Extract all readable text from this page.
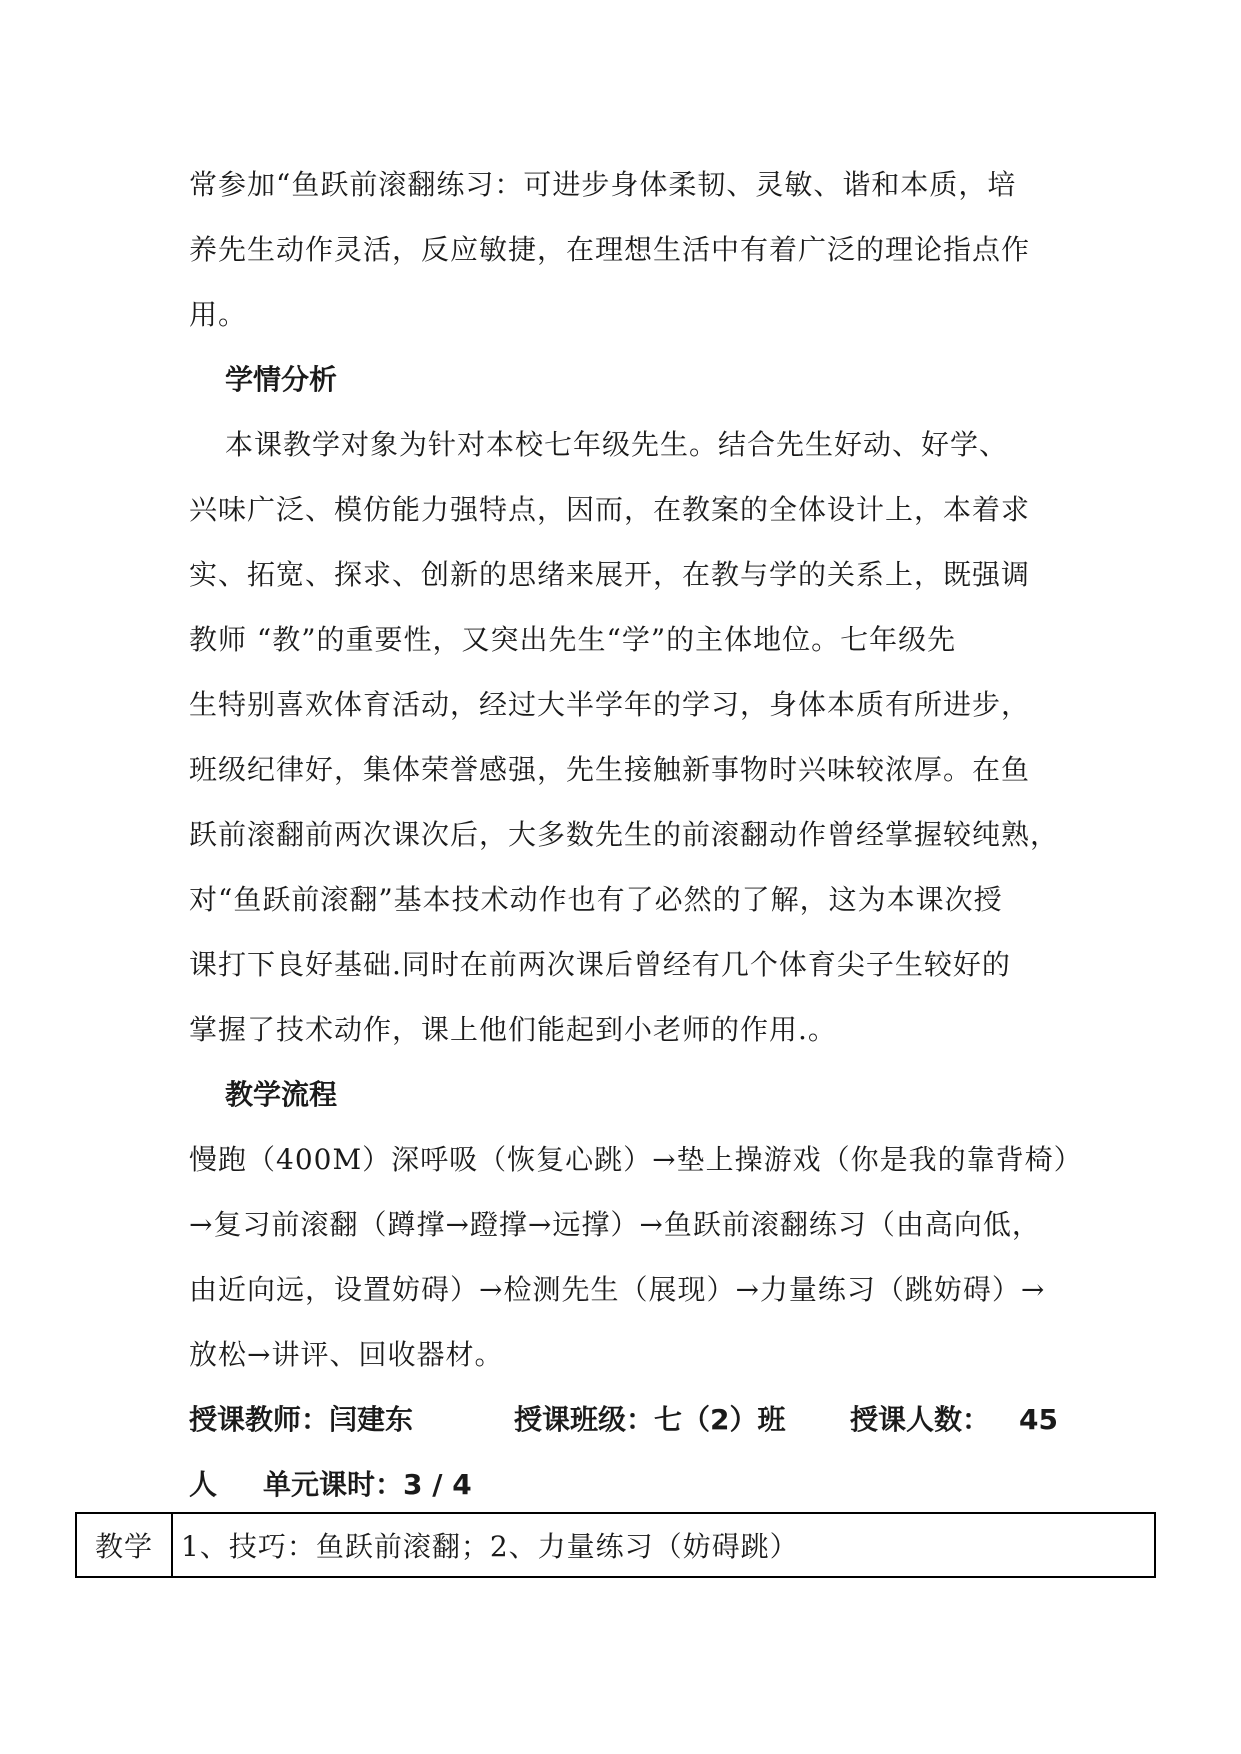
常参加“鱼跃前滚翻练习：可进步身体柔韧、灵敏、谐和本质，培
养先生动作灵活，反应敏捷，在理想生活中有着广泛的理论指点作
用。
学情分析
本课教学对象为针对本校七年级先生。结合先生好动、好学、
兴味广泛、模仿能力强特点，因而，在教案的全体设计上，本着求
实、拓宽、探求、创新的思绪来展开，在教与学的关系上，既强调
教师 “教”的重要性，又突出先生“学”的主体地位。七年级先
生特别喜欢体育活动，经过大半学年的学习，身体本质有所进步，
班级纪律好，集体荣誉感强，先生接触新事物时兴味较浓厚。在鱼
跃前滚翻前两次课次后，大多数先生的前滚翻动作曾经掌握较纯熟，
对“鱼跃前滚翻”基本技术动作也有了必然的了解，这为本课次授
课打下良好基础.同时在前两次课后曾经有几个体育尖子生较好的
掌握了技术动作，课上他们能起到小老师的作用.。
教学流程
慢跑（400M）深呼吸（恢复心跳）→垫上操游戏（你是我的靠背椅）
→复习前滚翻（蹲撑→蹬撑→远撑）→鱼跃前滚翻练习（由高向低，
由近向远，设置妨碍）→检测先生（展现）→力量练习（跳妨碍）→
放松→讲评、回收器材。
授课教师：闫建东	授课班级：七（2）班 授课人数： 45
人 单元课时：3 / 4
教学	1、技巧：鱼跃前滚翻；2、力量练习（妨碍跳）
